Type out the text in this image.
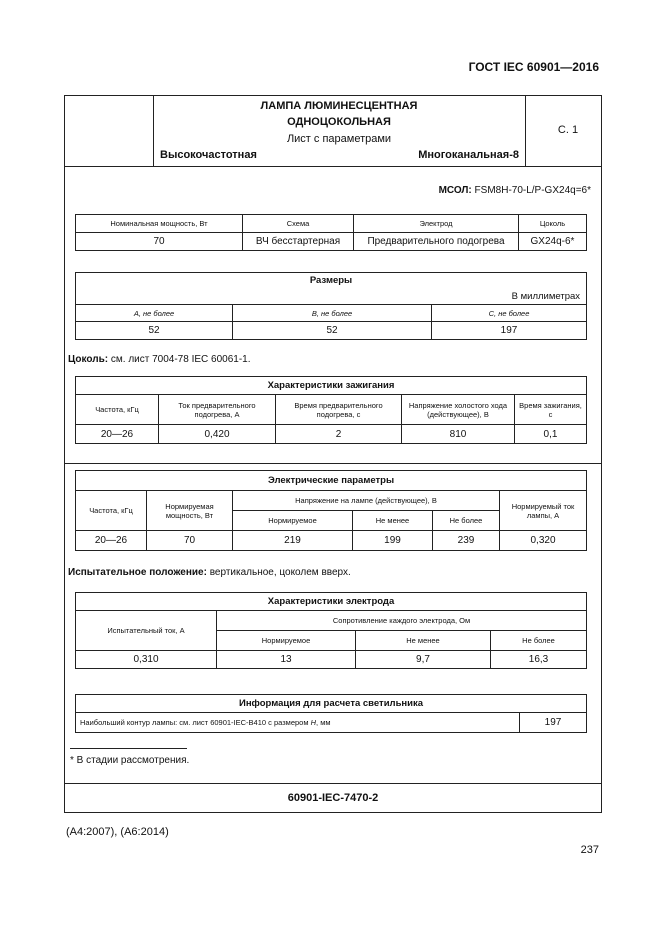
ГОСТ IEC 60901—2016
ЛАМПА ЛЮМИНЕСЦЕНТНАЯ
ОДНОЦОКОЛЬНАЯ
Лист с параметрами
Высокочастотная	Многоканальная-8
С. 1
МСОЛ: FSM8H-70-L/P-GX24q=6*
Номинальная мощность, Вт	Схема	Электрод	Цоколь
70	ВЧ бесстартерная	Предварительного подогрева	GX24q-6*
Размеры		
В миллиметрах		
A, не более	B, не более	C, не более
52	52	197
Цоколь: см. лист 7004-78 IEC 60061-1.
Характеристики зажигания				
Частота, кГц	Ток предварительного подогрева, А	Время предварительного подогрева, с	Напряжение холостого хода (действующее), В	Время зажигания, с
20—26	0,420	2	810	0,1
Электрические параметры					
Частота, кГц	Нормируемая мощность, Вт	Напряжение на лампе (действующее), В			Нормируемый ток лампы, А
		Нормируемое	Не менее	Не более	
20—26	70	219	199	239	0,320
Испытательное положение: вертикальное, цоколем вверх.
Характеристики электрода			
Испытательный ток, А	Сопротивление каждого электрода, Ом		
	Нормируемое	Не менее	Не более
0,310	13	9,7	16,3
Информация для расчета светильника
Наибольший контур лампы: см. лист 60901-IEC-B410 с размером H, мм	197
* В стадии рассмотрения.
60901-IEC-7470-2
(A4:2007), (A6:2014)
237
